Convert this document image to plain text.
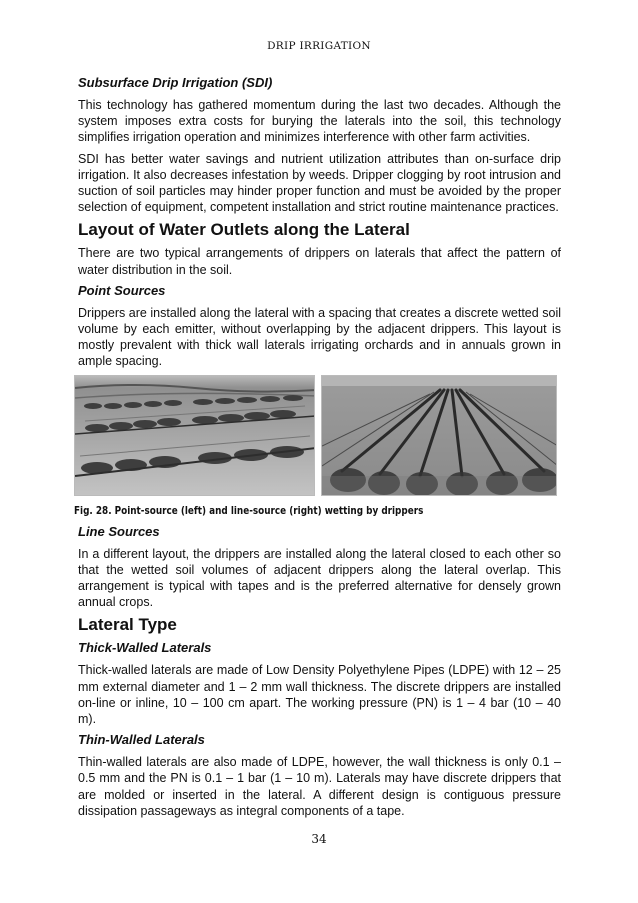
DRIP IRRIGATION
Subsurface Drip Irrigation (SDI)

This technology has gathered momentum during the last two decades. Although the system imposes extra costs for burying the laterals into the soil, this technology simplifies irrigation operation and minimizes interference with other farm activities.

SDI has better water savings and nutrient utilization attributes than on-surface drip irrigation. It also decreases infestation by weeds. Dripper clogging by root intrusion and suction of soil particles may hinder proper function and must be avoided by the proper selection of equipment, competent installation and strict routine maintenance practices.

Layout of Water Outlets along the Lateral

There are two typical arrangements of drippers on laterals that affect the pattern of water distribution in the soil.

Point Sources

Drippers are installed along the lateral with a spacing that creates a discrete wetted soil volume by each emitter, without overlapping by the adjacent drippers. This layout is mostly prevalent with thick wall laterals irrigating orchards and in annuals grown in ample spacing.

Fig. 28. Point-source (left) and line-source (right) wetting by drippers
Line Sources

In a different layout, the drippers are installed along the lateral closed to each other so that the wetted soil volumes of adjacent drippers along the lateral overlap. This arrangement is typical with tapes and is the preferred alternative for densely grown annual crops.

Lateral Type
Thick-Walled Laterals

Thick-walled laterals are made of Low Density Polyethylene Pipes (LDPE) with 12 – 25 mm external diameter and 1 – 2 mm wall thickness. The discrete drippers are installed on-line or inline, 10 – 100 cm apart. The working pressure (PN) is 1 – 4 bar (10 – 40 m).

Thin-Walled Laterals

Thin-walled laterals are also made of LDPE, however, the wall thickness is only 0.1 – 0.5 mm and the PN is 0.1 – 1 bar (1 – 10 m). Laterals may have discrete drippers that are molded or inserted in the lateral. A different design is contiguous pressure dissipation passageways as integral components of a tape.

34
